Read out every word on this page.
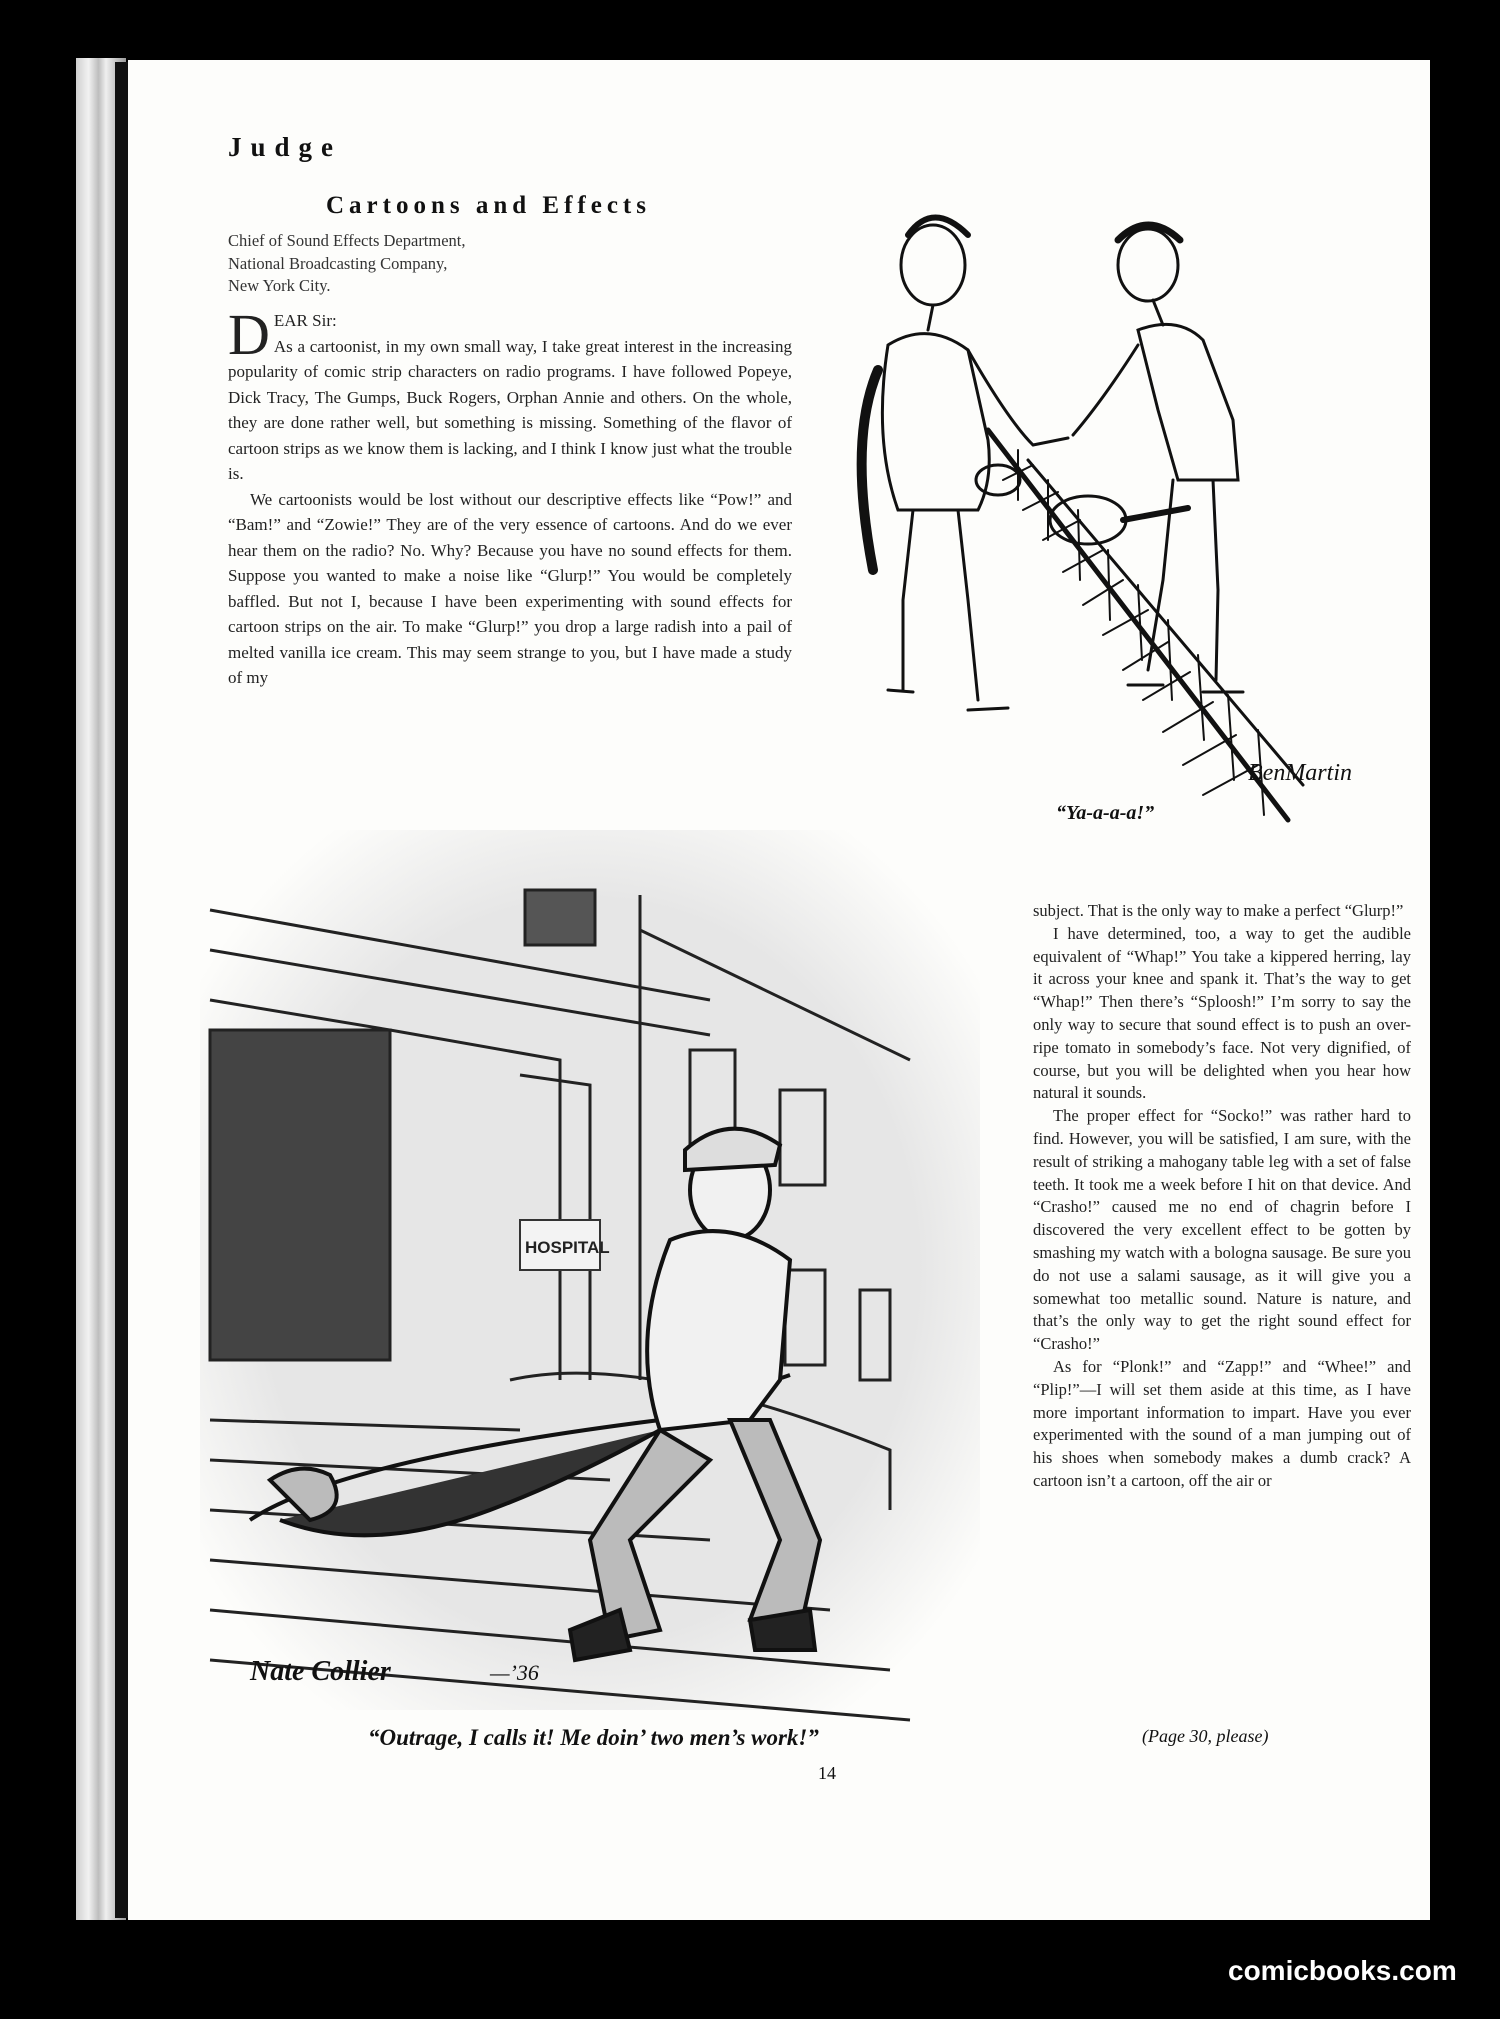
Judge
Cartoons and Effects
Chief of Sound Effects Department,
National Broadcasting Company,
New York City.

D EAR Sir:
As a cartoonist, in my own small way, I take great interest in the increasing popularity of comic strip characters on radio programs. I have followed Popeye, Dick Tracy, The Gumps, Buck Rogers, Orphan Annie and others. On the whole, they are done rather well, but something is missing. Something of the flavor of cartoon strips as we know them is lacking, and I think I know just what the trouble is.

We cartoonists would be lost without our descriptive effects like “Pow!” and “Bam!” and “Zowie!” They are of the very essence of cartoons. And do we ever hear them on the radio? No. Why? Because you have no sound effects for them. Suppose you wanted to make a noise like “Glurp!” You would be completely baffled. But not I, because I have been experimenting with sound effects for cartoon strips on the air. To make “Glurp!” you drop a large radish into a pail of melted vanilla ice cream. This may seem strange to you, but I have made a study of my

BenMartin
“Ya-a-a-a!”
HOSPITAL
Nate Collier	—’36
“Outrage, I calls it! Me doin’ two men’s work!”

subject. That is the only way to make a perfect “Glurp!”

I have determined, too, a way to get the audible equivalent of “Whap!” You take a kippered herring, lay it across your knee and spank it. That’s the way to get “Whap!” Then there’s “Sploosh!” I’m sorry to say the only way to secure that sound effect is to push an over-ripe tomato in somebody’s face. Not very dignified, of course, but you will be delighted when you hear how natural it sounds.

The proper effect for “Socko!” was rather hard to find. However, you will be satisfied, I am sure, with the result of striking a mahogany table leg with a set of false teeth. It took me a week before I hit on that device. And “Crasho!” caused me no end of chagrin before I discovered the very excellent effect to be gotten by smashing my watch with a bologna sausage. Be sure you do not use a salami sausage, as it will give you a somewhat too metallic sound. Nature is nature, and that’s the only way to get the right sound effect for “Crasho!”

As for “Plonk!” and “Zapp!” and “Whee!” and “Plip!”—I will set them aside at this time, as I have more important information to impart. Have you ever experimented with the sound of a man jumping out of his shoes when somebody makes a dumb crack? A cartoon isn’t a cartoon, off the air or

(Page 30, please)
14
comicbooks.com
